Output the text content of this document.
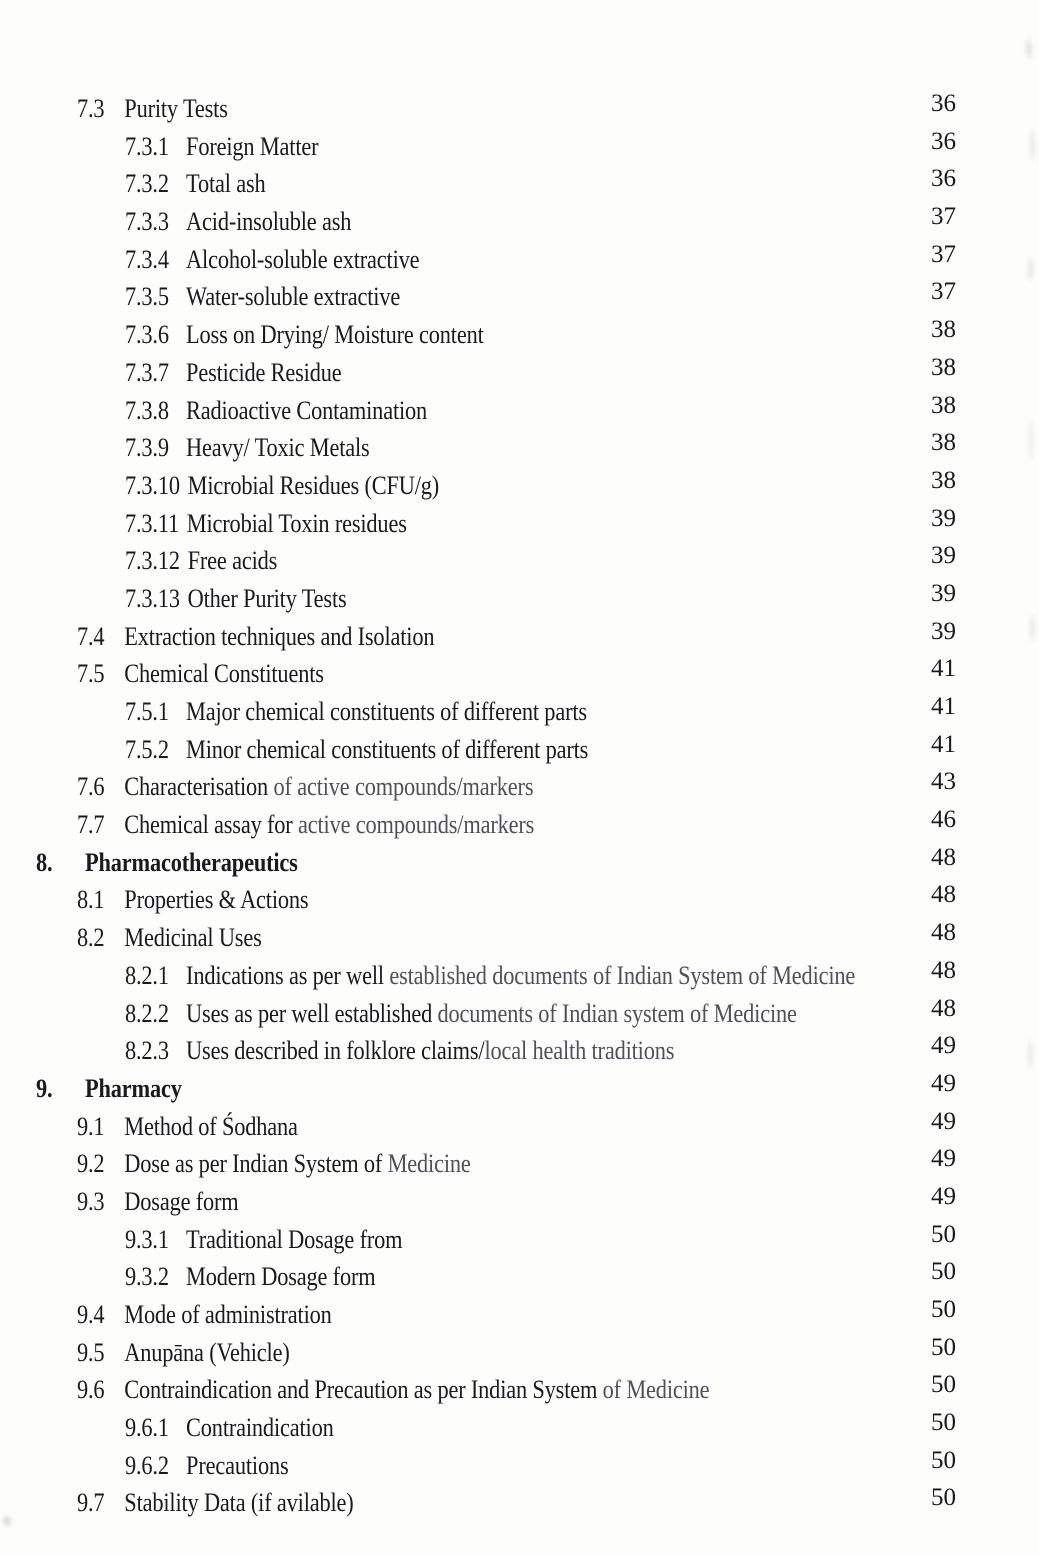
7.3 Purity Tests	36
7.3.1 Foreign Matter	36
7.3.2 Total ash	36
7.3.3 Acid-insoluble ash	37
7.3.4 Alcohol-soluble extractive	37
7.3.5 Water-soluble extractive	37
7.3.6 Loss on Drying/ Moisture content	38
7.3.7 Pesticide Residue	38
7.3.8 Radioactive Contamination	38
7.3.9 Heavy/ Toxic Metals	38
7.3.10 Microbial Residues (CFU/g)	38
7.3.11 Microbial Toxin residues	39
7.3.12 Free acids	39
7.3.13 Other Purity Tests	39
7.4 Extraction techniques and Isolation	39
7.5 Chemical Constituents	41
7.5.1 Major chemical constituents of different parts	41
7.5.2 Minor chemical constituents of different parts	41
7.6 Characterisation of active compounds/markers	43
7.7 Chemical assay for active compounds/markers	46
8. Pharmacotherapeutics	48
8.1 Properties & Actions	48
8.2 Medicinal Uses	48
8.2.1 Indications as per well established documents of Indian System of Medicine	48
8.2.2 Uses as per well established documents of Indian system of Medicine	48
8.2.3 Uses described in folklore claims/local health traditions	49
9. Pharmacy	49
9.1 Method of Śodhana	49
9.2 Dose as per Indian System of Medicine	49
9.3 Dosage form	49
9.3.1 Traditional Dosage from	50
9.3.2 Modern Dosage form	50
9.4 Mode of administration	50
9.5 Anupāna (Vehicle)	50
9.6 Contraindication and Precaution as per Indian System of Medicine	50
9.6.1 Contraindication	50
9.6.2 Precautions	50
9.7 Stability Data (if avilable)	50
